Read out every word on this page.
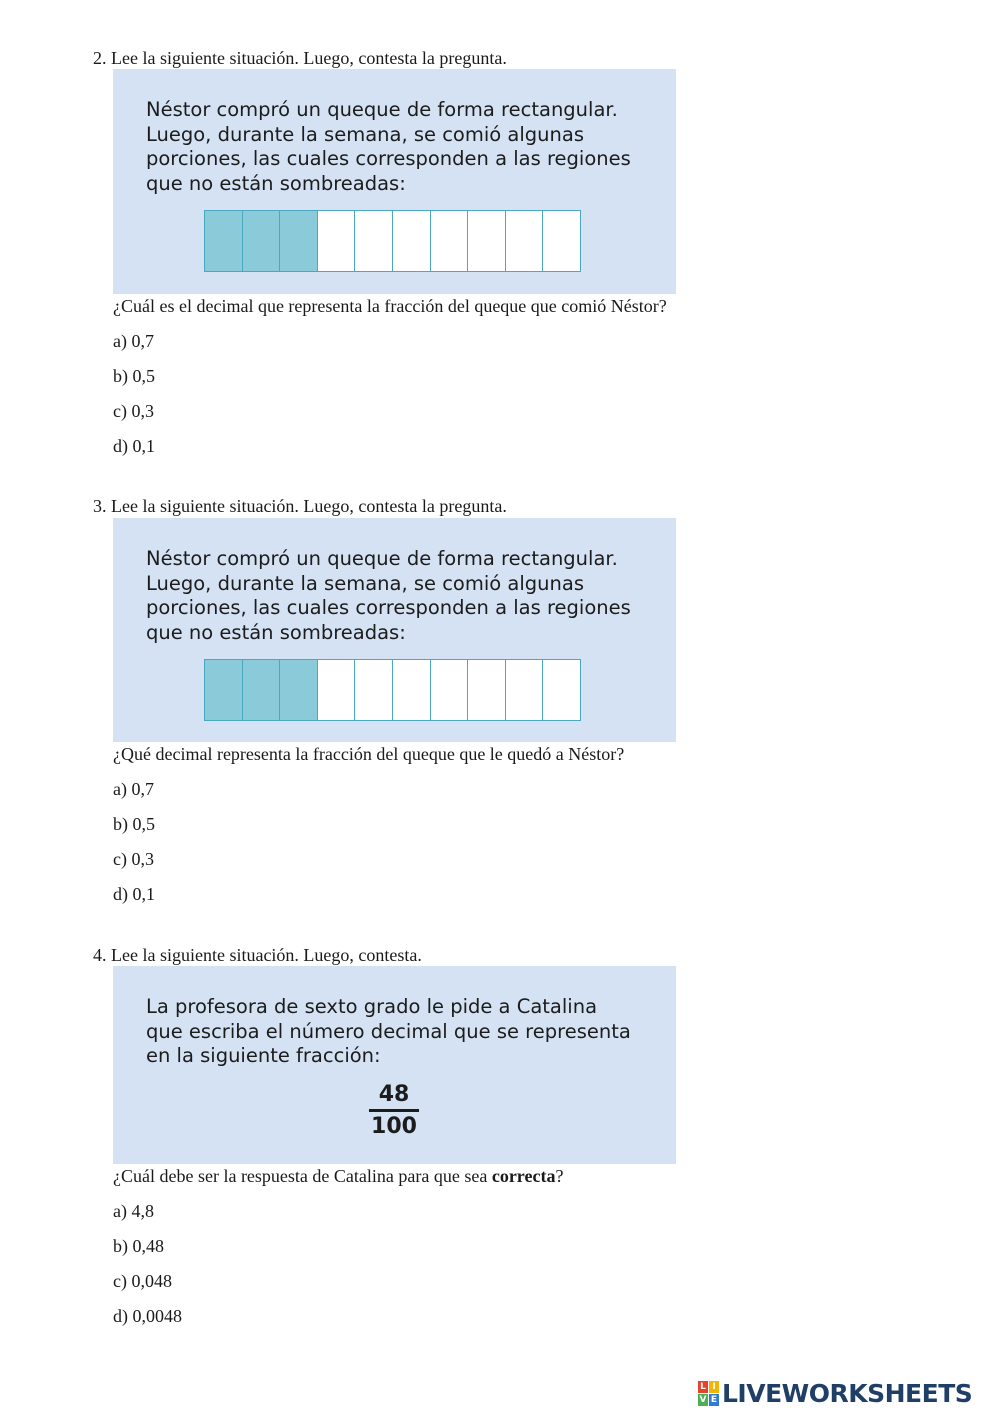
2. Lee la siguiente situación. Luego, contesta la pregunta.
Néstor compró un queque de forma rectangular.
Luego, durante la semana, se comió algunas
porciones, las cuales corresponden a las regiones
que no están sombreadas:
¿Cuál es el decimal que representa la fracción del queque que comió Néstor?
a) 0,7
b) 0,5
c) 0,3
d) 0,1
3. Lee la siguiente situación. Luego, contesta la pregunta.
Néstor compró un queque de forma rectangular.
Luego, durante la semana, se comió algunas
porciones, las cuales corresponden a las regiones
que no están sombreadas:
¿Qué decimal representa la fracción del queque que le quedó a Néstor?
a) 0,7
b) 0,5
c) 0,3
d) 0,1
4. Lee la siguiente situación. Luego, contesta.
La profesora de sexto grado le pide a Catalina
que escriba el número decimal que se representa
en la siguiente fracción:
48
100
¿Cuál debe ser la respuesta de Catalina para que sea correcta?
a) 4,8
b) 0,48
c) 0,048
d) 0,0048
L I
V E LIVEWORKSHEETS
